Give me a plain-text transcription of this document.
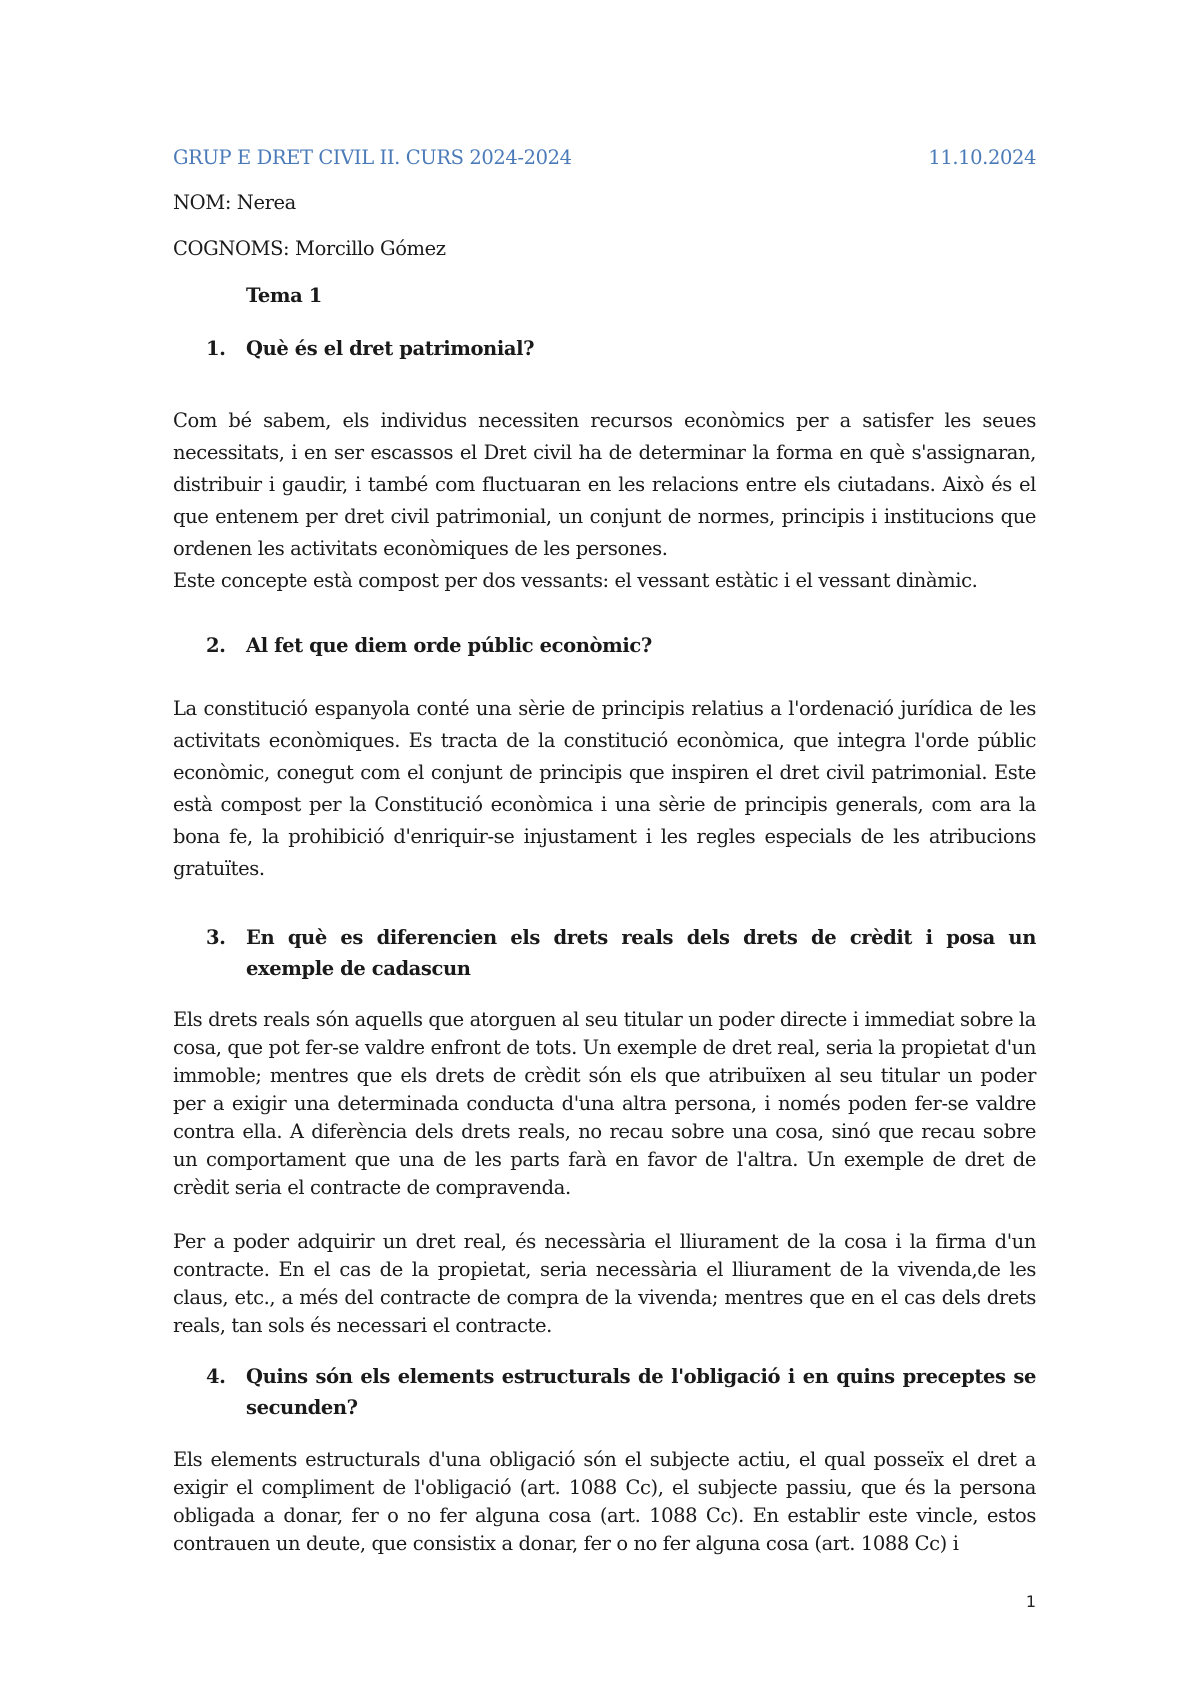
GRUP E DRET CIVIL II. CURS 2024-2024	11.10.2024
NOM: Nerea
COGNOMS: Morcillo Gómez
Tema 1
1.	Què és el dret patrimonial?

Com bé sabem, els individus necessiten recursos econòmics per a satisfer les seues necessitats, i en ser escassos el Dret civil ha de determinar la forma en què s'assignaran, distribuir i gaudir, i també com fluctuaran en les relacions entre els ciutadans. Això és el que entenem per dret civil patrimonial, un conjunt de normes, principis i institucions que ordenen les activitats econòmiques de les persones.

Este concepte està compost per dos vessants: el vessant estàtic i el vessant dinàmic.

2.	Al fet que diem orde públic econòmic?

La constitució espanyola conté una sèrie de principis relatius a l'ordenació jurídica de les activitats econòmiques. Es tracta de la constitució econòmica, que integra l'orde públic econòmic, conegut com el conjunt de principis que inspiren el dret civil patrimonial. Este està compost per la Constitució econòmica i una sèrie de principis generals, com ara la bona fe, la prohibició d'enriquir-se injustament i les regles especials de les atribucions gratuïtes.

3.	En què es diferencien els drets reals dels drets de crèdit i posa un exemple de cadascun

Els drets reals són aquells que atorguen al seu titular un poder directe i immediat sobre la cosa, que pot fer-se valdre enfront de tots. Un exemple de dret real, seria la propietat d'un immoble; mentres que els drets de crèdit són els que atribuïxen al seu titular un poder per a exigir una determinada conducta d'una altra persona, i només poden fer-se valdre contra ella. A diferència dels drets reals, no recau sobre una cosa, sinó que recau sobre un comportament que una de les parts farà en favor de l'altra. Un exemple de dret de crèdit seria el contracte de compravenda.

Per a poder adquirir un dret real, és necessària el lliurament de la cosa i la firma d'un contracte. En el cas de la propietat, seria necessària el lliurament de la vivenda,de les claus, etc., a més del contracte de compra de la vivenda; mentres que en el cas dels drets reals, tan sols és necessari el contracte.

4.	Quins són els elements estructurals de l'obligació i en quins preceptes se secunden?

Els elements estructurals d'una obligació són el subjecte actiu, el qual posseïx el dret a exigir el compliment de l'obligació (art. 1088 Cc), el subjecte passiu, que és la persona obligada a donar, fer o no fer alguna cosa (art. 1088 Cc). En establir este vincle, estos contrauen un deute, que consistix a donar, fer o no fer alguna cosa (art. 1088 Cc) i

1
